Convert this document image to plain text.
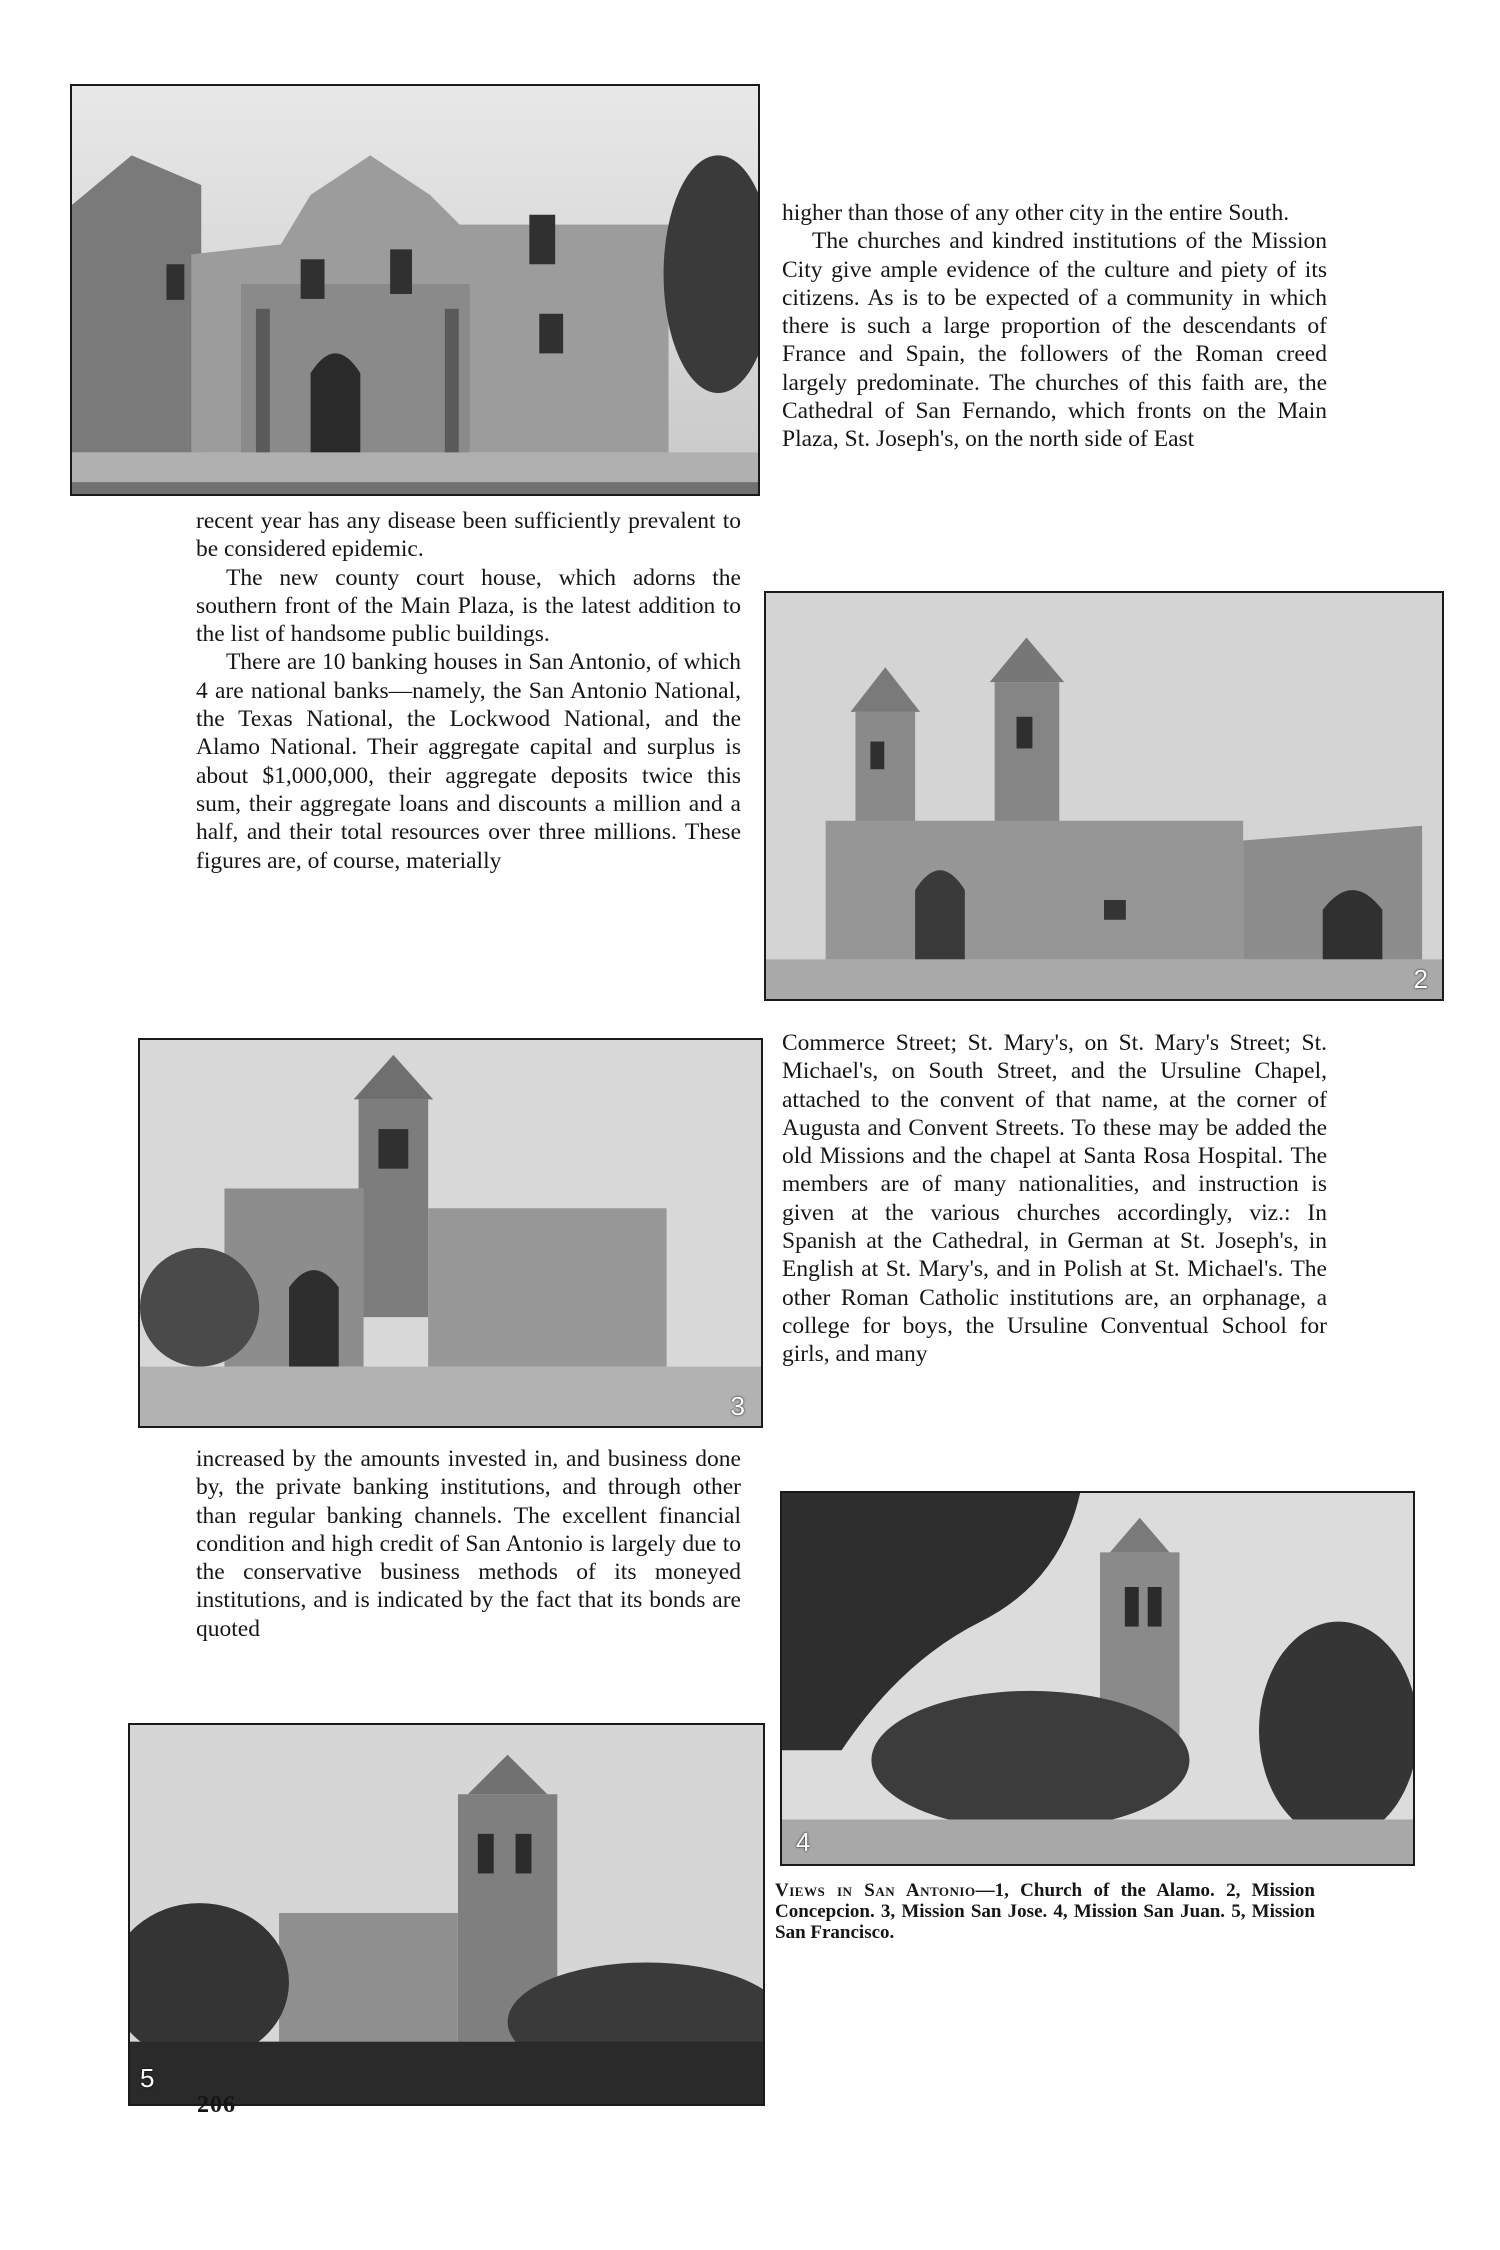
recent year has any disease been sufficiently prevalent to be considered epidemic.

The new county court house, which adorns the southern front of the Main Plaza, is the latest addition to the list of handsome public buildings.

There are 10 banking houses in San Antonio, of which 4 are national banks—namely, the San Antonio National, the Texas National, the Lockwood National, and the Alamo National. Their aggregate capital and surplus is about $1,000,000, their aggregate deposits twice this sum, their aggregate loans and discounts a million and a half, and their total resources over three millions. These figures are, of course, materially

higher than those of any other city in the entire South.

The churches and kindred institutions of the Mission City give ample evidence of the culture and piety of its citizens. As is to be expected of a community in which there is such a large proportion of the descendants of France and Spain, the followers of the Roman creed largely predominate. The churches of this faith are, the Cathedral of San Fernando, which fronts on the Main Plaza, St. Joseph's, on the north side of East

2
3

Commerce Street; St. Mary's, on St. Mary's Street; St. Michael's, on South Street, and the Ursuline Chapel, attached to the convent of that name, at the corner of Augusta and Convent Streets. To these may be added the old Missions and the chapel at Santa Rosa Hospital. The members are of many nationalities, and instruction is given at the various churches accordingly, viz.: In Spanish at the Cathedral, in German at St. Joseph's, in English at St. Mary's, and in Polish at St. Michael's. The other Roman Catholic institutions are, an orphanage, a college for boys, the Ursuline Conventual School for girls, and many

increased by the amounts invested in, and business done by, the private banking institutions, and through other than regular banking channels. The excellent financial condition and high credit of San Antonio is largely due to the conservative business methods of its moneyed institutions, and is indicated by the fact that its bonds are quoted

4
Views in San Antonio—1, Church of the Alamo. 2, Mission Concepcion. 3, Mission San Jose. 4, Mission San Juan. 5, Mission San Francisco.
5
206
